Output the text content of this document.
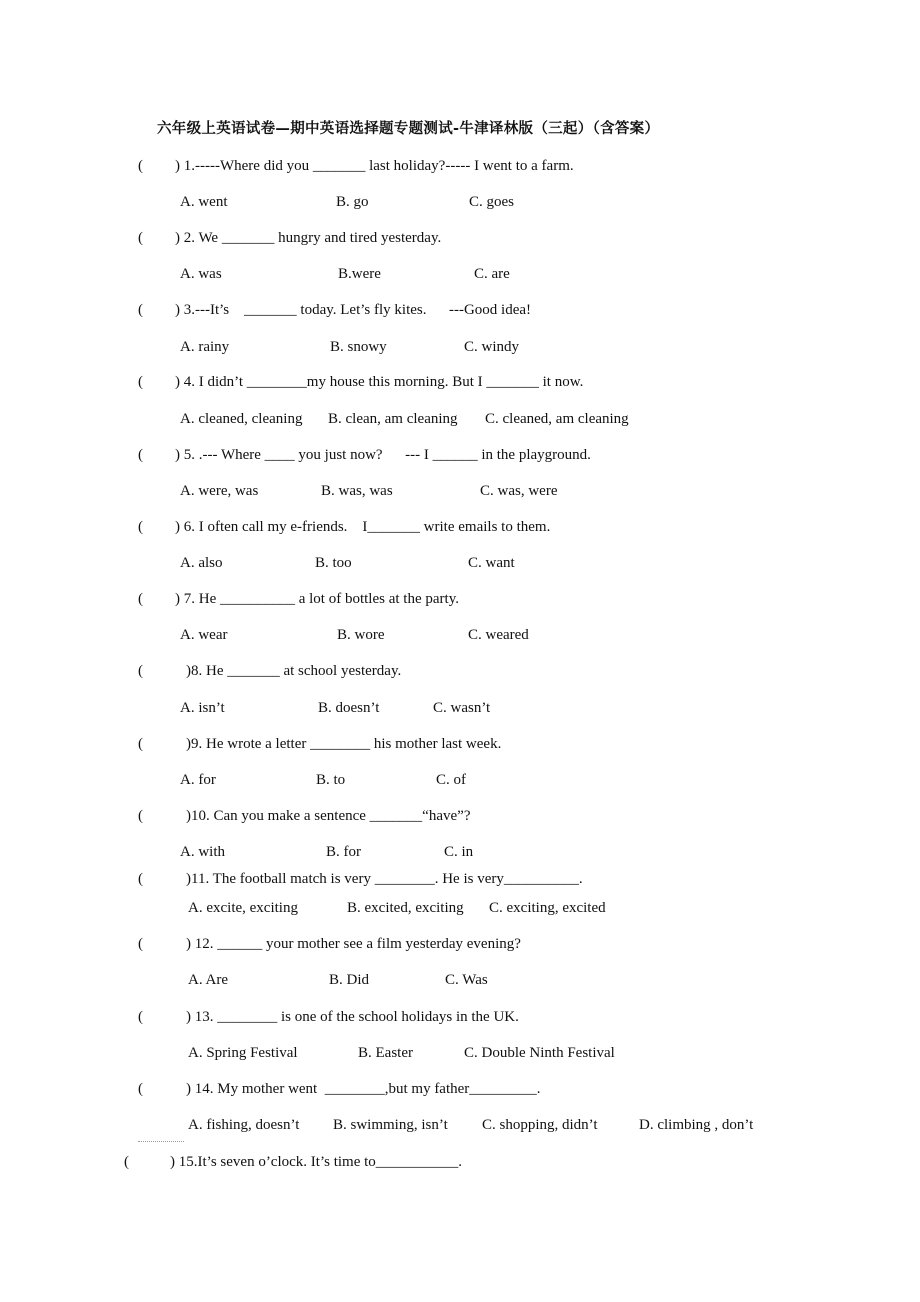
六年级上英语试卷—期中英语选择题专题测试-牛津译林版（三起）（含答案）
( ) 1.-----Where did you _______ last holiday?----- I went to a farm.
A. went	B. go	C. goes
( ) 2. We _______ hungry and tired yesterday.
A. was	B.were	C. are
( ) 3.---It’s    _______ today. Let’s fly kites.      ---Good idea!
A. rainy	B. snowy	C. windy
( ) 4. I didn’t ________my house this morning. But I _______ it now.
A. cleaned, cleaning B. clean, am cleaning C. cleaned, am cleaning
( ) 5. .--- Where ____ you just now?      --- I ______ in the playground.
A. were, was	B. was, was	C. was, were
( ) 6. I often call my e-friends.    I_______ write emails to them.
A. also	B. too	C. want
( ) 7. He __________ a lot of bottles at the party.
A. wear	B. wore	C. weared
(	)8. He _______ at school yesterday.
A. isn’t	B. doesn’t	C. wasn’t
(	)9. He wrote a letter ________ his mother last week.
A. for	B. to	C. of
(	)10. Can you make a sentence _______“have”?
A. with	B. for	C. in
(	)11. The football match is very ________. He is very__________.
A. excite, exciting	B. excited, exciting C. exciting, excited
(	) 12. ______ your mother see a film yesterday evening?
A. Are	B. Did	C. Was
(	) 13. ________ is one of the school holidays in the UK.
A. Spring Festival	B. Easter	C. Double Ninth Festival
(	) 14. My mother went  ________,but my father_________.
A. fishing, doesn’t B. swimming, isn’t C. shopping, didn’t	D. climbing , don’t
(	) 15.It’s seven o’clock. It’s time to___________.
